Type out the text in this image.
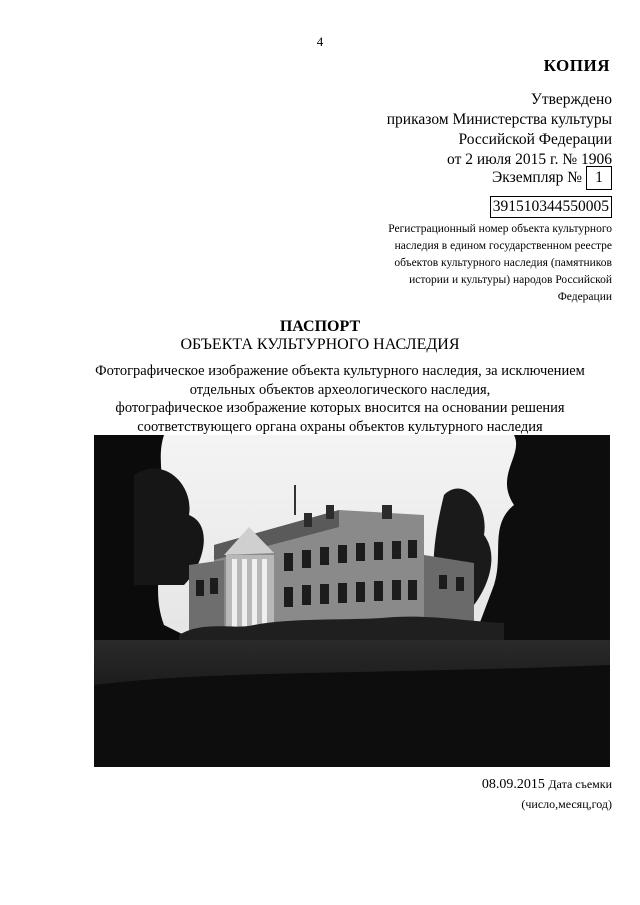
4
КОПИЯ
Утверждено
приказом Министерства культуры
Российской Федерации
от 2 июля 2015 г. № 1906
Экземпляр № 1
391510344550005
Регистрационный номер объекта культурного
наследия в едином государственном реестре
объектов культурного наследия (памятников
истории и культуры) народов Российской
Федерации
ПАСПОРТ
ОБЪЕКТА КУЛЬТУРНОГО НАСЛЕДИЯ
Фотографическое изображение объекта культурного наследия, за исключением
отдельных объектов археологического наследия,
фотографическое изображение которых вносится на основании решения
соответствующего органа охраны объектов культурного наследия
08.09.2015 Дата съемки
(число,месяц,год)
